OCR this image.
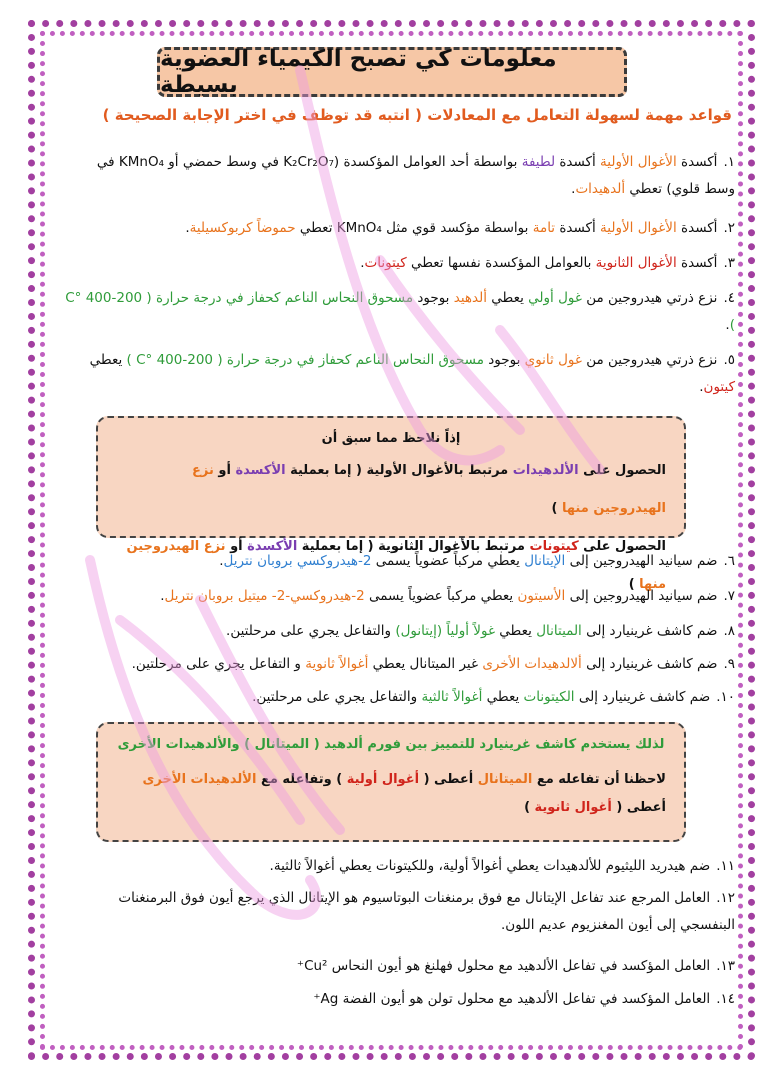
معلومات كي تصبح الكيمياء العضوية بسيطة
قواعد مهمة لسهولة التعامل مع المعادلات ( انتبه قد توظف في اختر الإجابة الصحيحة )
١.أكسدة الأغوال الأولية أكسدة لطيفة بواسطة أحد العوامل المؤكسدة (K₂Cr₂O₇ في وسط حمضي أو KMnO₄ في وسط قلوي) تعطي ألدهيدات.
٢.أكسدة الأغوال الأولية أكسدة تامة بواسطة مؤكسد قوي مثل KMnO₄ تعطي حموضاً كربوكسيلية.
٣.أكسدة الأغوال الثانوية بالعوامل المؤكسدة نفسها تعطي كيتونات.
٤.نزع ذرتي هيدروجين من غول أولي يعطي ألدهيد بوجود مسحوق النحاس الناعم كحفاز في درجة حرارة ( 200-400 °C ).
٥.نزع ذرتي هيدروجين من غول ثانوي بوجود مسحوق النحاس الناعم كحفاز في درجة حرارة ( 200-400 °C ) يعطي كيتون.
إذاً نلاحظ مما سبق أن
الحصول على الألدهيدات مرتبط بالأغوال الأولية ( إما بعملية الأكسدة أو نزع الهيدروجين منها )
الحصول على كيتونات مرتبط بالأغوال الثانوية ( إما بعملية الأكسدة أو نزع الهيدروجين منها )
٦.ضم سيانيد الهيدروجين إلى الإيتانال يعطي مركباً عضوياً يسمى 2-هيدروكسي بروبان نتريل.
٧.ضم سيانيد الهيدروجين إلى الأسيتون يعطي مركباً عضوياً يسمى 2-هيدروكسي-2- ميتيل بروبان نتريل.
٨.ضم كاشف غرينيارد إلى الميتانال يعطي غولاً أولياً (إيتانول) والتفاعل يجري على مرحلتين.
٩.ضم كاشف غرينيارد إلى ألالدهيدات الأخرى غير الميتانال يعطي أغوالاً ثانوية و التفاعل يجري على مرحلتين.
١٠.ضم كاشف غرينيارد إلى الكيتونات يعطي أغوالاً ثالثية والتفاعل يجري على مرحلتين.
لذلك يستخدم كاشف غرينيارد للتمييز بين فورم ألدهيد ( الميتانال ) والألدهيدات الأخرى
لاحظنا أن تفاعله مع الميتانال أعطى ( أغوال أولية ) وتفاعله مع الألدهيدات الأخرى أعطى ( أغوال ثانوية )
١١.ضم هيدريد الليثيوم للألدهيدات يعطي أغوالاً أولية، وللكيتونات يعطي أغوالاً ثالثية.
١٢.العامل المرجع عند تفاعل الإيتانال مع فوق برمنغنات البوتاسيوم هو الإيتانال الذي يرجع أيون فوق البرمنغنات البنفسجي إلى أيون المغنزيوم عديم اللون.
١٣.العامل المؤكسد في تفاعل الألدهيد مع محلول فهلنغ هو أيون النحاس Cu²⁺
١٤.العامل المؤكسد في تفاعل الألدهيد مع محلول تولن هو أيون الفضة Ag⁺
